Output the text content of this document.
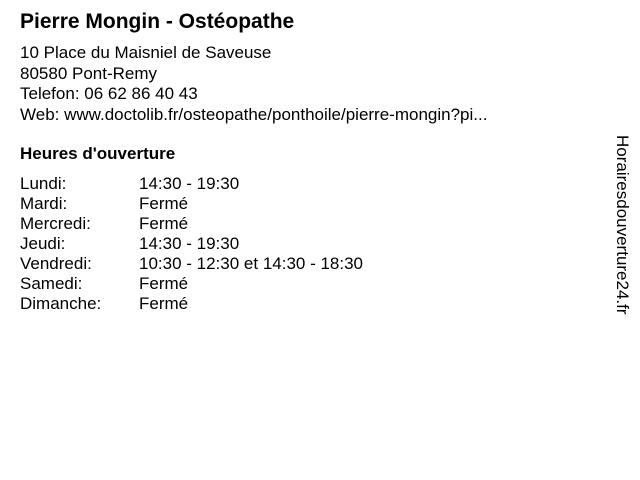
Pierre Mongin - Ostéopathe
10 Place du Maisniel de Saveuse
80580 Pont-Remy
Telefon: 06 62 86 40 43
Web: www.doctolib.fr/osteopathe/ponthoile/pierre-mongin?pi...
Heures d'ouverture
Lundi:	14:30 - 19:30
Mardi:	Fermé
Mercredi:	Fermé
Jeudi:	14:30 - 19:30
Vendredi:	10:30 - 12:30 et 14:30 - 18:30
Samedi:	Fermé
Dimanche:	Fermé	Horairesdouverture24.fr
